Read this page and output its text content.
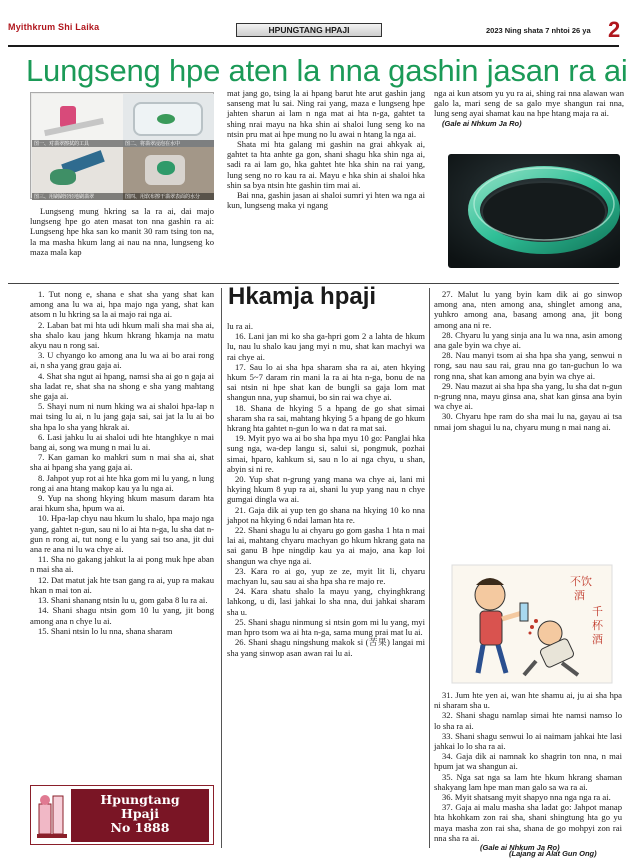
Myithkrum Shi Laika	HPUNGTANG HPAJI	2023 Ning shata 7 nhtoi 26 ya 2
Lungseng hpe aten la nna gashin jasan ra ai
图一、对翡翠擦拭的工具	图二、将翡翠浸泡在水中
图三、用刷刷轻轻地刷翡翠	图四、用软布擦干翡翠表面的水分

Lungseng mung hkring sa la ra ai, dai majo lungseng hpe go aten masat ton nna gashin ra ai: Lungseng hpe hka san ko manit 30 ram tsing ton na, la ma masha hkum lang ai nau na nna, lungseng ko maza mala kap

mat jang go, tsing la ai hpang barut hte arut gashin jang sanseng mat lu sai. Ning rai yang, maza e lungseng hpe jahten sharun ai lam n nga mat ai hta n-ga, gahtet ta shing nrai mayu na hka shin ai shaloi lung seng ko na ntsin pru mat ai hpe mung no lu awai n htang la nga ai.

Shata mi hta galang mi gashin na grai ahkyak ai, gahtet ta hta anhte ga gon, shani shagu hka shin nga ai, sadi ra ai lam go, hka gahtet hte hka shin na rai yang, lung seng no ro kau ra ai. Mayu e hka shin ai shaloi hka shin sa bya ntsin hte gashin tim mai ai.

Bai nna, gashin jasan ai shaloi sumri yi hten wa nga ai kun, lungseng maka yi ngang

nga ai kun atsom yu yu ra ai, shing rai nna alawan wan galo la, mari seng de sa galo mye shangun rai nna, lung seng ayai shamat kau na hpe htang maja ra ai.

(Gale ai Nhkum Ja Ro)

1. Tut nong e, shana e shat sha yang shat kan among ana lu wa ai, hpa majo nga yang, shat kan atsom n lu hkring sa la ai majo rai nga ai.

2. Laban bat mi hta udi hkum mali sha mai sha ai, sha shalo kau jang hkum hkrang hkamja na matu akyu nau n rong sai.

3. U chyango ko among ana lu wa ai bo arai rong ai, n sha yang grau gaja ai.

4. Shat sha ngut ai hpang, namsi sha ai go n gaja ai sha ladat re, shat sha na shong e sha yang mahtang she gaja ai.

5. Shayi num ni num hking wa ai shaloi hpa-lap n mai tsing lu ai, n lu jang gaja sai, sai jat la lu ai bo sha hpa lo sha yang hkrak ai.

6. Lasi jahku lu ai shaloi udi hte htanghkye n mai bang ai, song wa mung n mai lu ai.

7. Kan gaman ko mahkri sum n mai sha ai, shat sha ai hpang sha yang gaja ai.

8. Jahpot yup rot ai hte hka gom mi lu yang, n lung rong ai ana htang makop kau ya lu nga ai.

9. Yup na shong hkying hkum masum daram hta arai hkum sha, hpum wa ai.

10. Hpa-lap chyu nau hkum lu shalo, hpa majo nga yang, gahtet n-gun, sau ni lo ai hta n-ga, lu sha dat n-gun n rong ai, tut nong e lu yang sai tso ana, jit dui ana re ana ni lu wa chye ai.

11. Sha no gakang jahkut la ai pong muk hpe aban n mai sha ai.

12. Dat matut jak hte tsan gang ra ai, yup ra makau hkan n mai ton ai.

13. Shani shanang ntsin lu u, gom gaba 8 lu ra ai.

14. Shani shagu ntsin gom 10 lu yang, jit bong among ana n chye lu ai.

15. Shani ntsin lo lu nna, shana sharam

Hkamja hpaji

lu ra ai.

16. Lani jan mi ko sha ga-hpri gom 2 a lahta de hkum lu, nau lu shalo kau jang myi n mu, shat kan machyi wa rai chye ai.

17. Sau lo ai sha hpa sharam sha ra ai, aten hkying hkum 5~7 daram rin mani la ra ai hta n-ga, bonu de na sai ntsin ni hpe shat kan de bungli sa gaja lom mat shangun nna, yup shamui, bo sin rai wa chye ai.

18. Shana de hkying 5 a hpang de go shat simai sharam sha ra sai, mahtang hkying 5 a hpang de go hkum hkrang hta gahtet n-gun lo wa n dat ra mat sai.

19. Myit pyo wa ai bo sha hpa myu 10 go: Panglai hka sung nga, wa-dep langu si, salui si, pongmuk, pozhai simai, hparo, kahkum si, sau n lo ai nga chyu, u shan, abyin si ni re.

20. Yup shat n-grung yang mana wa chye ai, lani mi hkying hkum 8 yup ra ai, shani lu yup yang nau n chye gumgai dingla wa ai.

21. Gaja dik ai yup ten go shana na hkying 10 ko nna jahpot na hkying 6 ndai laman hta re.

22. Shani shagu lu ai chyaru go gom gasha 1 hta n mai lai ai, mahtang chyaru machyan go hkum hkrang gata na sai ganu B hpe ningdip kau ya ai majo, ana kap loi shangun wa chye nga ai.

23. Kara ro ai go, yup ze ze, myit lit li, chyaru machyan lu, sau sau ai sha hpa sha re majo re.

24. Kara shatu shalo la mayu yang, chyinghkrang lahkong, u di, lasi jahkai lo sha nna, dui jahkai sharam sha u.

25. Shani shagu ninmung si ntsin gom mi lu yang, myi man hpro tsom wa ai hta n-ga, sama mung prai mat lu ai.

26. Shani shagu ningshung makok si (苦果) langai mi sha yang sinwop asan awan rai lu ai.

27. Malut lu yang byin kam dik ai go sinwop among ana, nten among ana, shinglet among ana, yuhkro among ana, basang among ana, jit bong among ana ni re.

28. Chyaru lu yang sinja ana lu wa nna, asin among ana gale byin wa chye ai.

28. Nau manyi tsom ai sha hpa sha yang, senwui n rong, sau nau sau rai, grau nna go tan-guchun lo wa rong nna, shat kan among ana byin wa chye ai.

29. Nau mazut ai sha hpa sha yang, lu sha dat n-gun n-grung nna, mayu ginsa ana, shat kan ginsa ana byin wa chye ai.

30. Chyaru hpe ram do sha mai lu na, gayau ai tsa nmai jom shagui lu na, chyaru mung n mai nang ai.

不饮
酒
千
杯
酒

31. Jum hte yen ai, wan hte shamu ai, ju ai sha hpa ni sharam sha u.

32. Shani shagu namlap simai hte namsi namso lo lo sha ra ai.

33. Shani shagu senwui lo ai naimam jahkai hte lasi jahkai lo lo sha ra ai.

34. Gaja dik ai namnak ko shagrin ton nna, n mai hpum jat wa shangun ai.

35. Nga sat nga sa lam hte hkum hkrang shaman shakyang lam hpe man man galo sa wa ra ai.

36. Myit shatsang myit shapyo nna nga nga ra ai.

37. Gaja ai malu masha sha ladat go: Jahpot manap hta hkohkam zon rai sha, shani shingtung hta go yu maya masha zon rai sha, shana de go mohpyi zon rai nna sha ra ai.

(Gale ai Nhkum Ja Ro)
(Lajang ai Alat Gun Ong)
Hpungtang
Hpaji
No 1888
